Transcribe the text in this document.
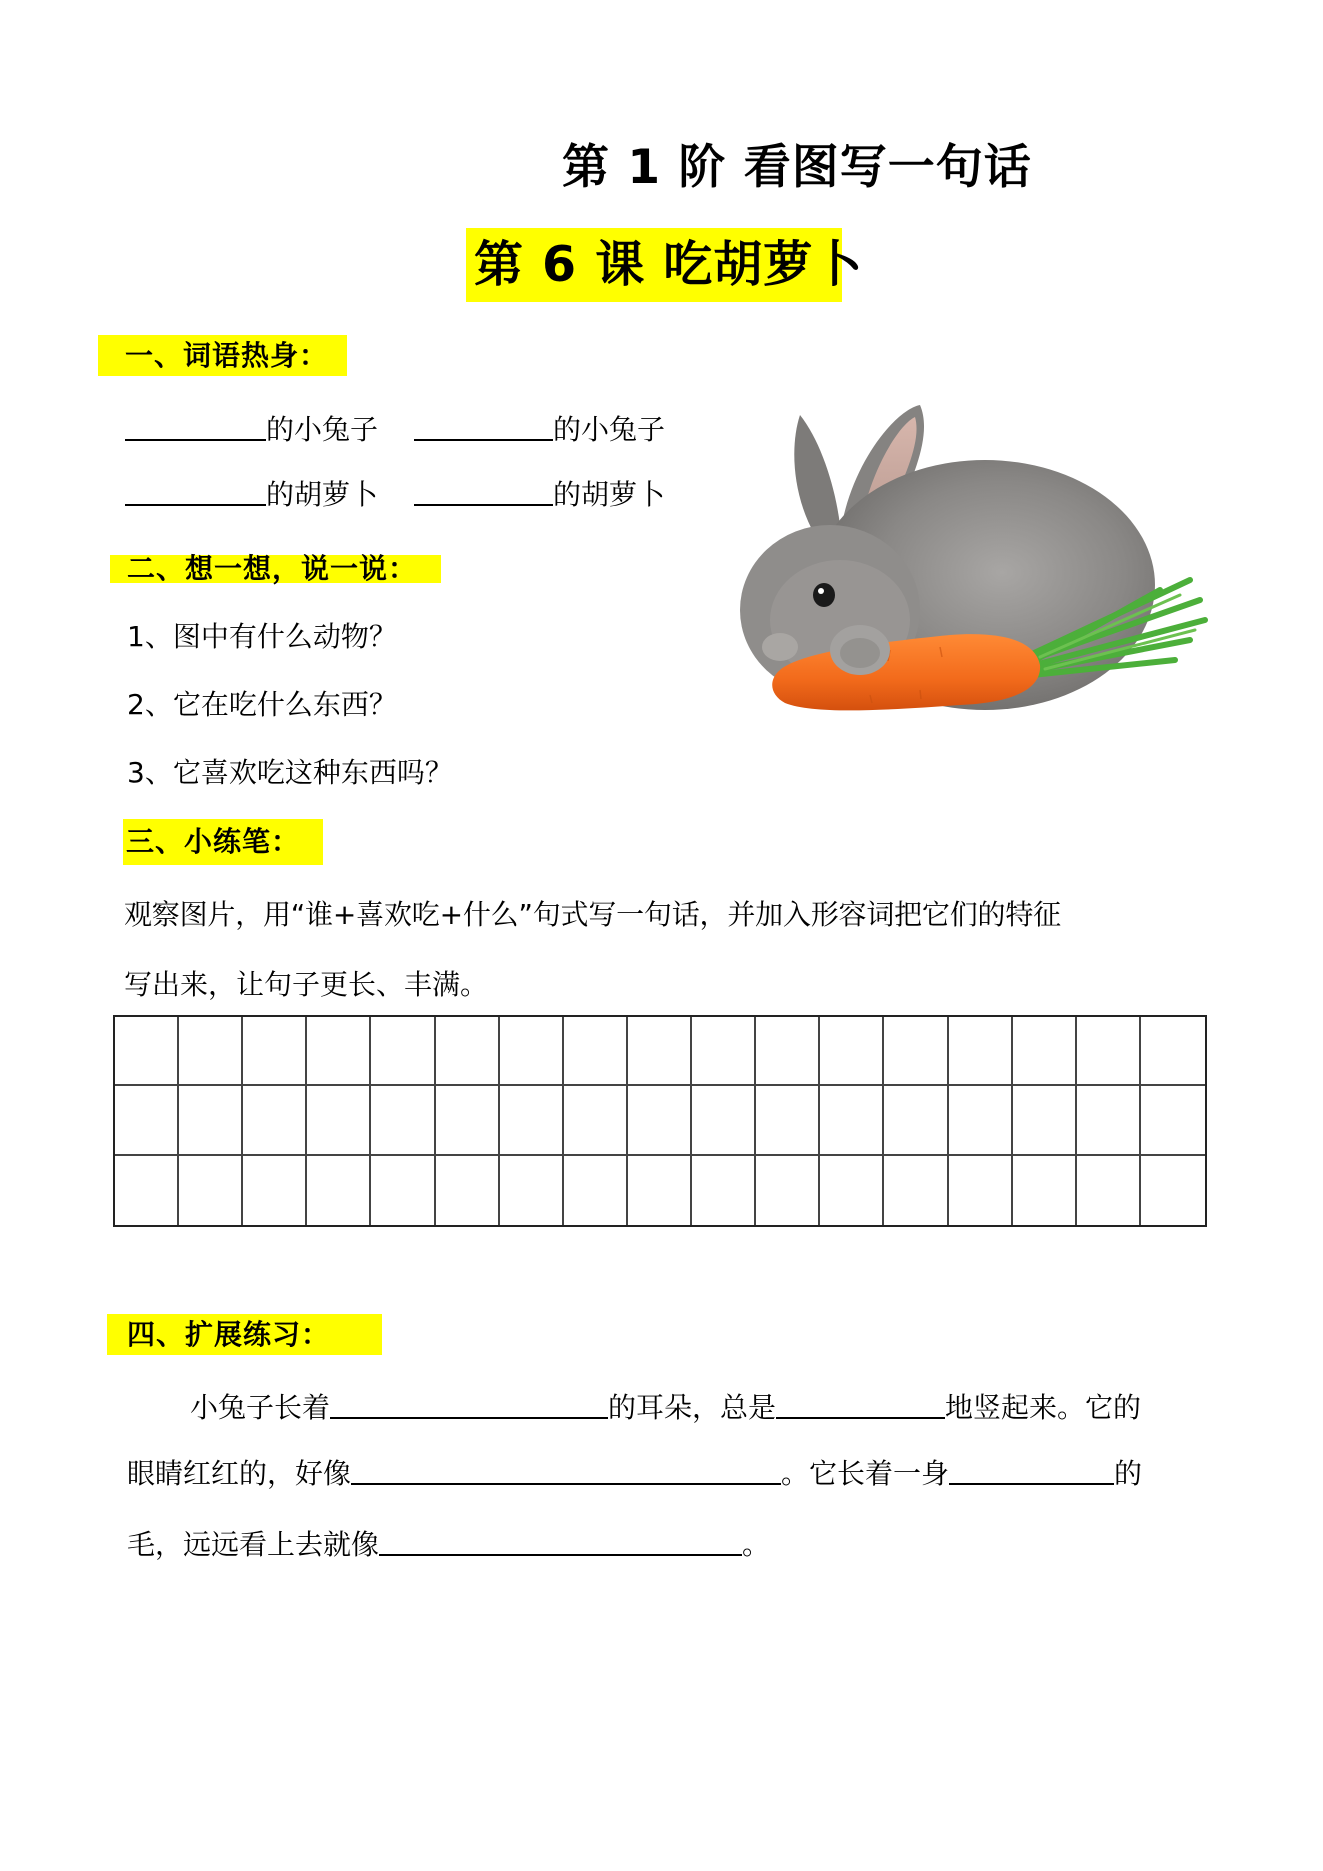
第 1 阶 看图写一句话
第 6 课 吃胡萝卜
一、词语热身：
的小兔子	的小兔子
的胡萝卜	的胡萝卜
二、想一想，说一说：
1、图中有什么动物？
2、它在吃什么东西？
3、它喜欢吃这种东西吗？
三、小练笔：
观察图片，用“谁+喜欢吃+什么”句式写一句话，并加入形容词把它们的特征
写出来，让句子更长、丰满。
四、扩展练习：
小兔子长着	的耳朵，总是	地竖起来。它的
眼睛红红的，好像	。它长着一身	的
毛，远远看上去就像	。
